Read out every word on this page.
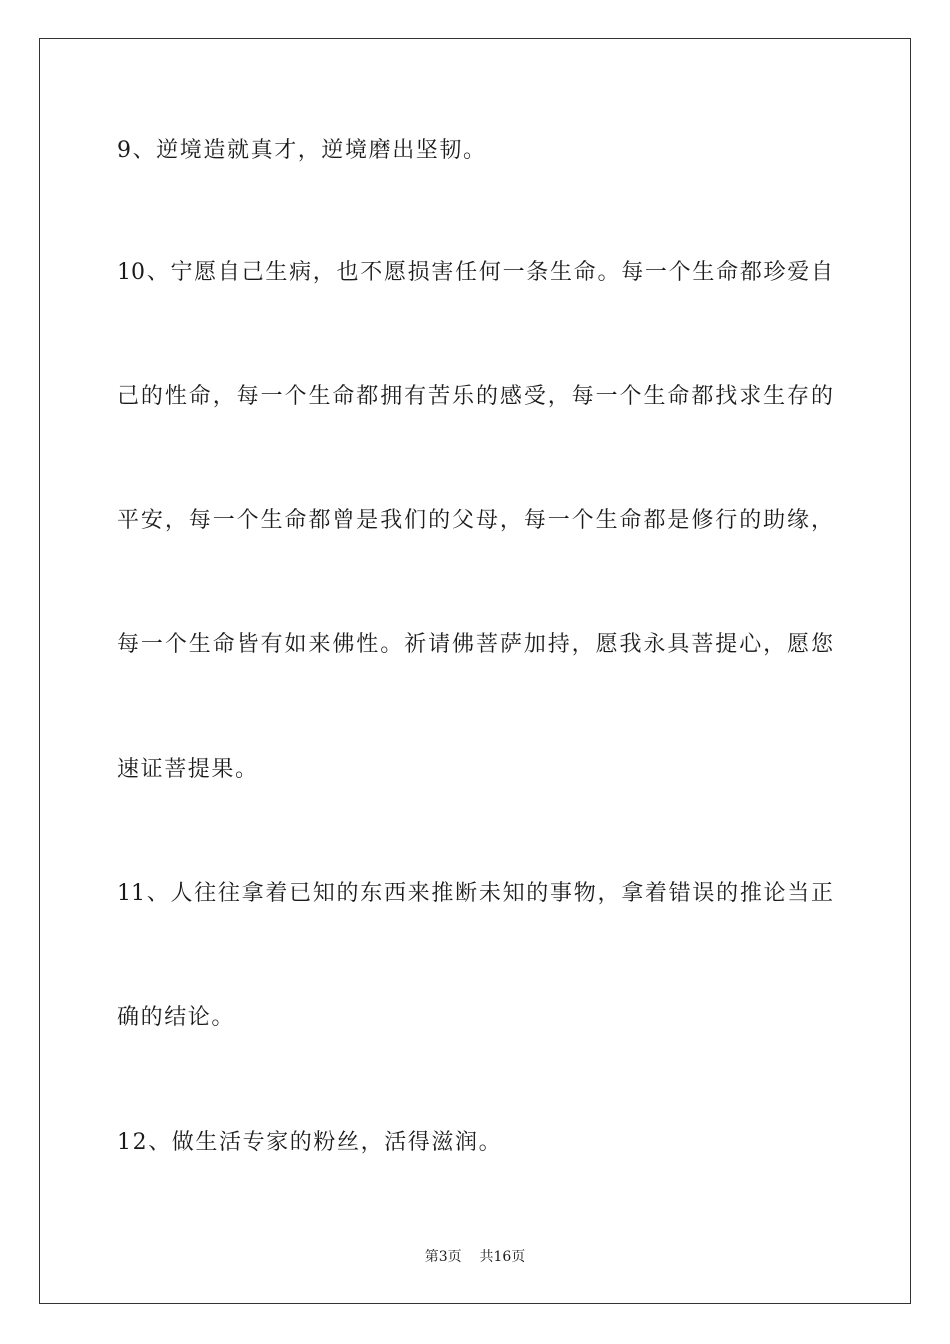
9、逆境造就真才，逆境磨出坚韧。
10、宁愿自己生病，也不愿损害任何一条生命。每一个生命都珍爱自
己的性命，每一个生命都拥有苦乐的感受，每一个生命都找求生存的
平安，每一个生命都曾是我们的父母，每一个生命都是修行的助缘，
每一个生命皆有如来佛性。祈请佛菩萨加持，愿我永具菩提心，愿您
速证菩提果。
11、人往往拿着已知的东西来推断未知的事物，拿着错误的推论当正
确的结论。
12、做生活专家的粉丝，活得滋润。
第3页 共16页
